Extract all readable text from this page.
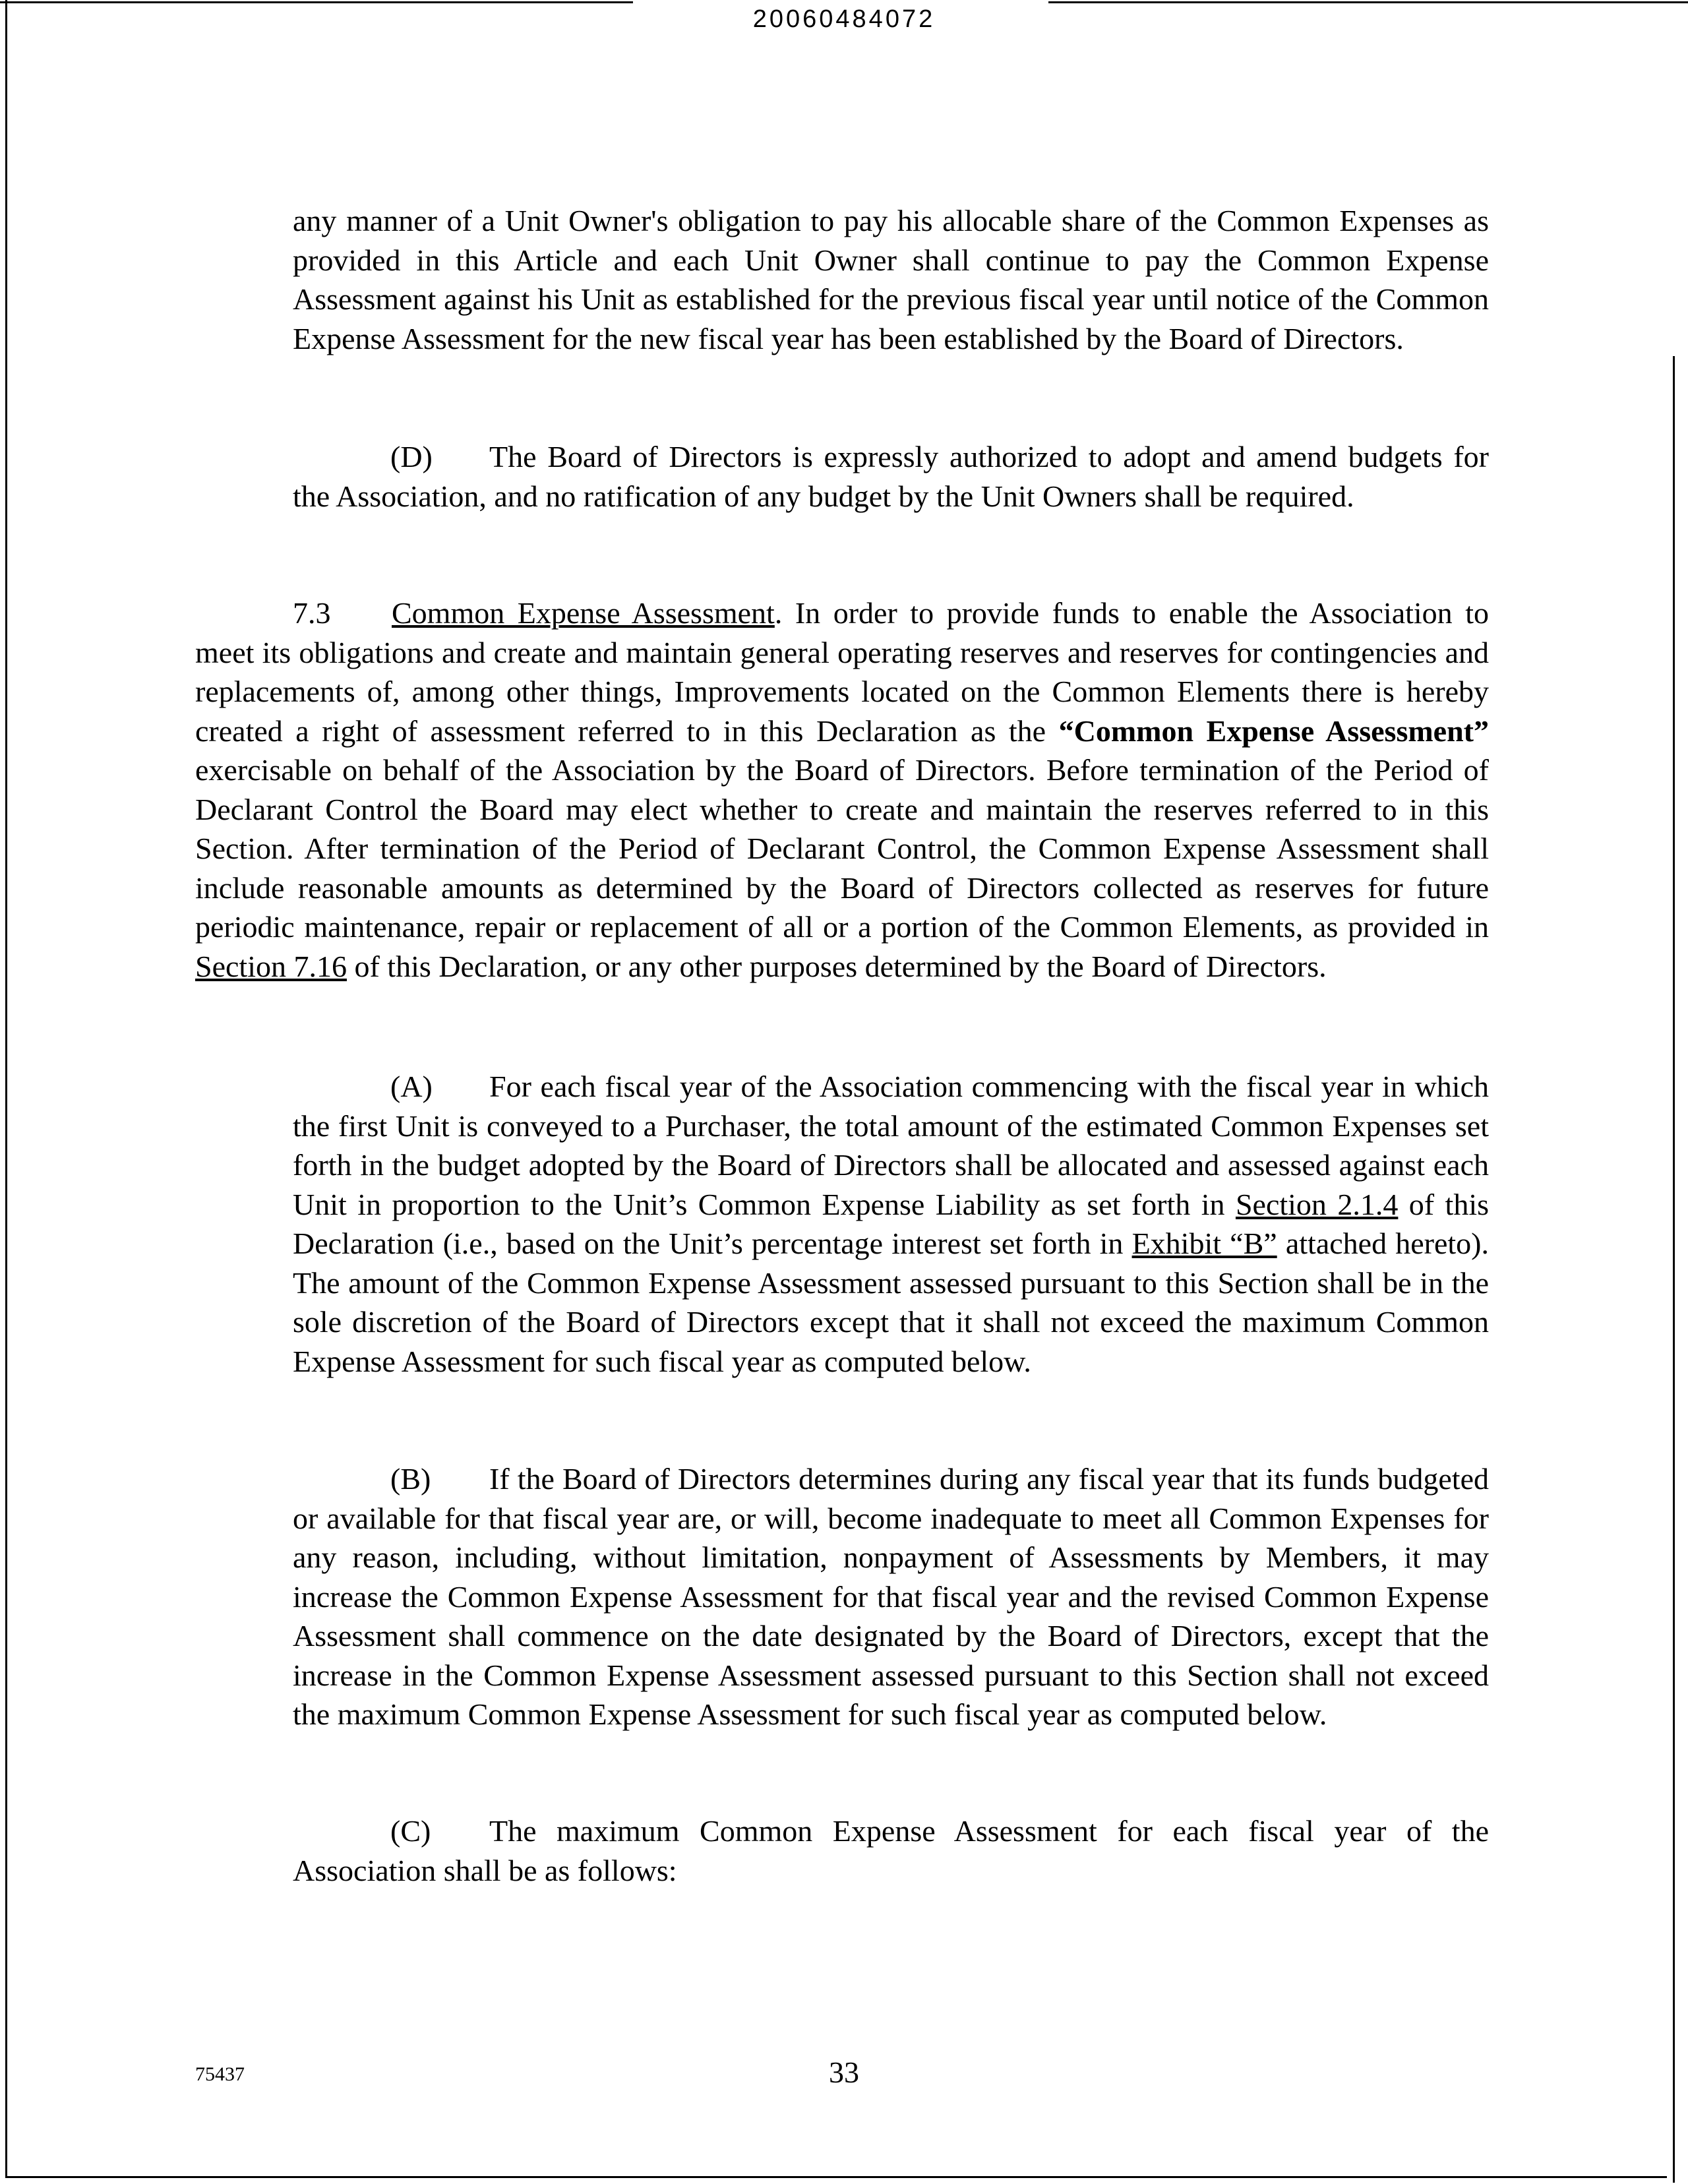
20060484072

any manner of a Unit Owner's obligation to pay his allocable share of the Common Expenses as provided in this Article and each Unit Owner shall continue to pay the Common Expense Assessment against his Unit as established for the previous fiscal year until notice of the Common Expense Assessment for the new fiscal year has been established by the Board of Directors.

(D) The Board of Directors is expressly authorized to adopt and amend budgets for the Association, and no ratification of any budget by the Unit Owners shall be required.

7.3 Common Expense Assessment. In order to provide funds to enable the Association to meet its obligations and create and maintain general operating reserves and reserves for contingencies and replacements of, among other things, Improvements located on the Common Elements there is hereby created a right of assessment referred to in this Declaration as the “Common Expense Assessment” exercisable on behalf of the Association by the Board of Directors. Before termination of the Period of Declarant Control the Board may elect whether to create and maintain the reserves referred to in this Section. After termination of the Period of Declarant Control, the Common Expense Assessment shall include reasonable amounts as determined by the Board of Directors collected as reserves for future periodic maintenance, repair or replacement of all or a portion of the Common Elements, as provided in Section 7.16 of this Declaration, or any other purposes determined by the Board of Directors.

(A) For each fiscal year of the Association commencing with the fiscal year in which the first Unit is conveyed to a Purchaser, the total amount of the estimated Common Expenses set forth in the budget adopted by the Board of Directors shall be allocated and assessed against each Unit in proportion to the Unit’s Common Expense Liability as set forth in Section 2.1.4 of this Declaration (i.e., based on the Unit’s percentage interest set forth in Exhibit “B” attached hereto). The amount of the Common Expense Assessment assessed pursuant to this Section shall be in the sole discretion of the Board of Directors except that it shall not exceed the maximum Common Expense Assessment for such fiscal year as computed below.

(B) If the Board of Directors determines during any fiscal year that its funds budgeted or available for that fiscal year are, or will, become inadequate to meet all Common Expenses for any reason, including, without limitation, nonpayment of Assessments by Members, it may increase the Common Expense Assessment for that fiscal year and the revised Common Expense Assessment shall commence on the date designated by the Board of Directors, except that the increase in the Common Expense Assessment assessed pursuant to this Section shall not exceed the maximum Common Expense Assessment for such fiscal year as computed below.

(C) The maximum Common Expense Assessment for each fiscal year of the Association shall be as follows:

75437	33
